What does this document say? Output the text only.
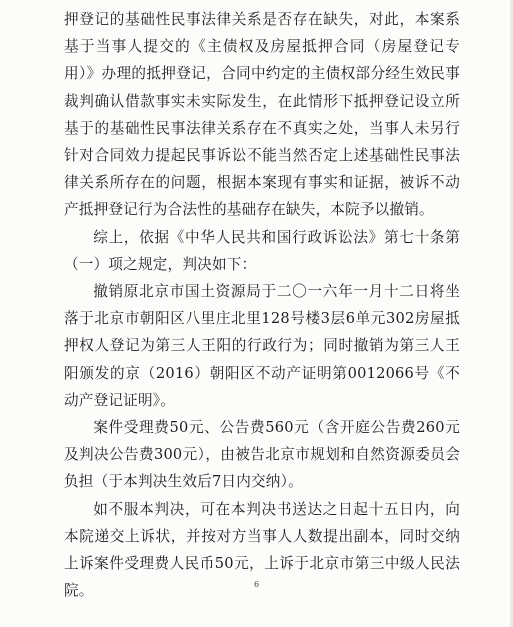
押登记的基础性民事法律关系是否存在缺失，对此，本案系基于当事人提交的《主债权及房屋抵押合同（房屋登记专用）》办理的抵押登记，合同中约定的主债权部分经生效民事裁判确认借款事实未实际发生，在此情形下抵押登记设立所基于的基础性民事法律关系存在不真实之处，当事人未另行针对合同效力提起民事诉讼不能当然否定上述基础性民事法律关系所存在的问题，根据本案现有事实和证据，被诉不动产抵押登记行为合法性的基础存在缺失，本院予以撤销。

综上，依据《中华人民共和国行政诉讼法》第七十条第（一）项之规定，判决如下：

撤销原北京市国土资源局于二〇一六年一月十二日将坐落于北京市朝阳区八里庄北里128号楼3层6单元302房屋抵押权人登记为第三人王阳的行政行为；同时撤销为第三人王阳颁发的京（2016）朝阳区不动产证明第0012066号《不动产登记证明》。

案件受理费50元、公告费560元（含开庭公告费260元及判决公告费300元），由被告北京市规划和自然资源委员会负担（于本判决生效后7日内交纳）。

如不服本判决，可在本判决书送达之日起十五日内，向本院递交上诉状，并按对方当事人人数提出副本，同时交纳上诉案件受理费人民币50元，上诉于北京市第三中级人民法院。	6
